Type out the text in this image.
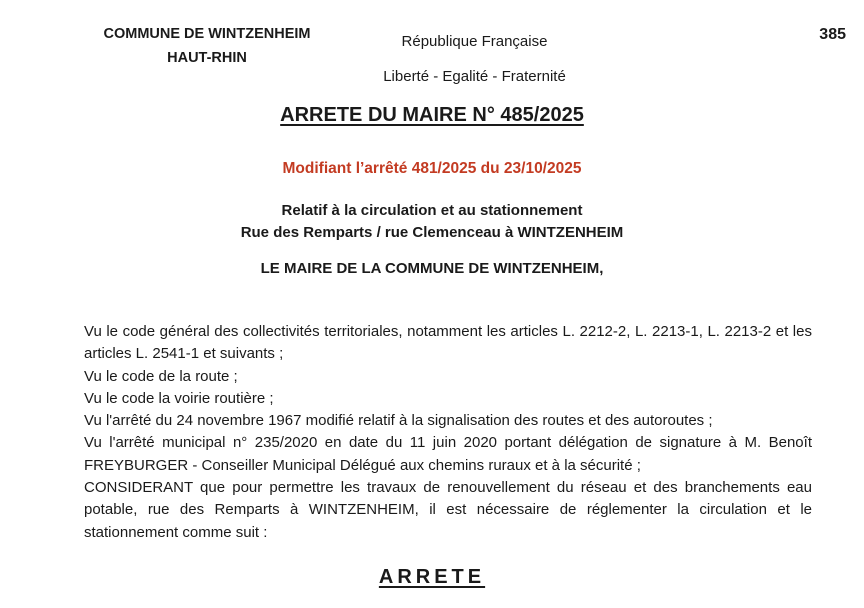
COMMUNE DE WINTZENHEIM
HAUT-RHIN
République Française
Liberté - Egalité - Fraternité
385
ARRETE DU MAIRE N° 485/2025
Modifiant l’arrêté 481/2025 du 23/10/2025
Relatif à la circulation et au stationnement
Rue des Remparts / rue Clemenceau à WINTZENHEIM
LE MAIRE DE LA COMMUNE DE WINTZENHEIM,

Vu le code général des collectivités territoriales, notamment les articles L. 2212-2, L. 2213-1, L. 2213-2 et les articles L. 2541-1 et suivants ;

Vu le code de la route ;

Vu le code la voirie routière ;

Vu l'arrêté du 24 novembre 1967 modifié relatif à la signalisation des routes et des autoroutes ;

Vu l'arrêté municipal n° 235/2020 en date du 11 juin 2020 portant délégation de signature à M. Benoît FREYBURGER - Conseiller Municipal Délégué aux chemins ruraux et à la sécurité ;

CONSIDERANT que pour permettre les travaux de renouvellement du réseau et des branchements eau potable, rue des Remparts à WINTZENHEIM, il est nécessaire de réglementer la circulation et le stationnement comme suit :

ARRETE
